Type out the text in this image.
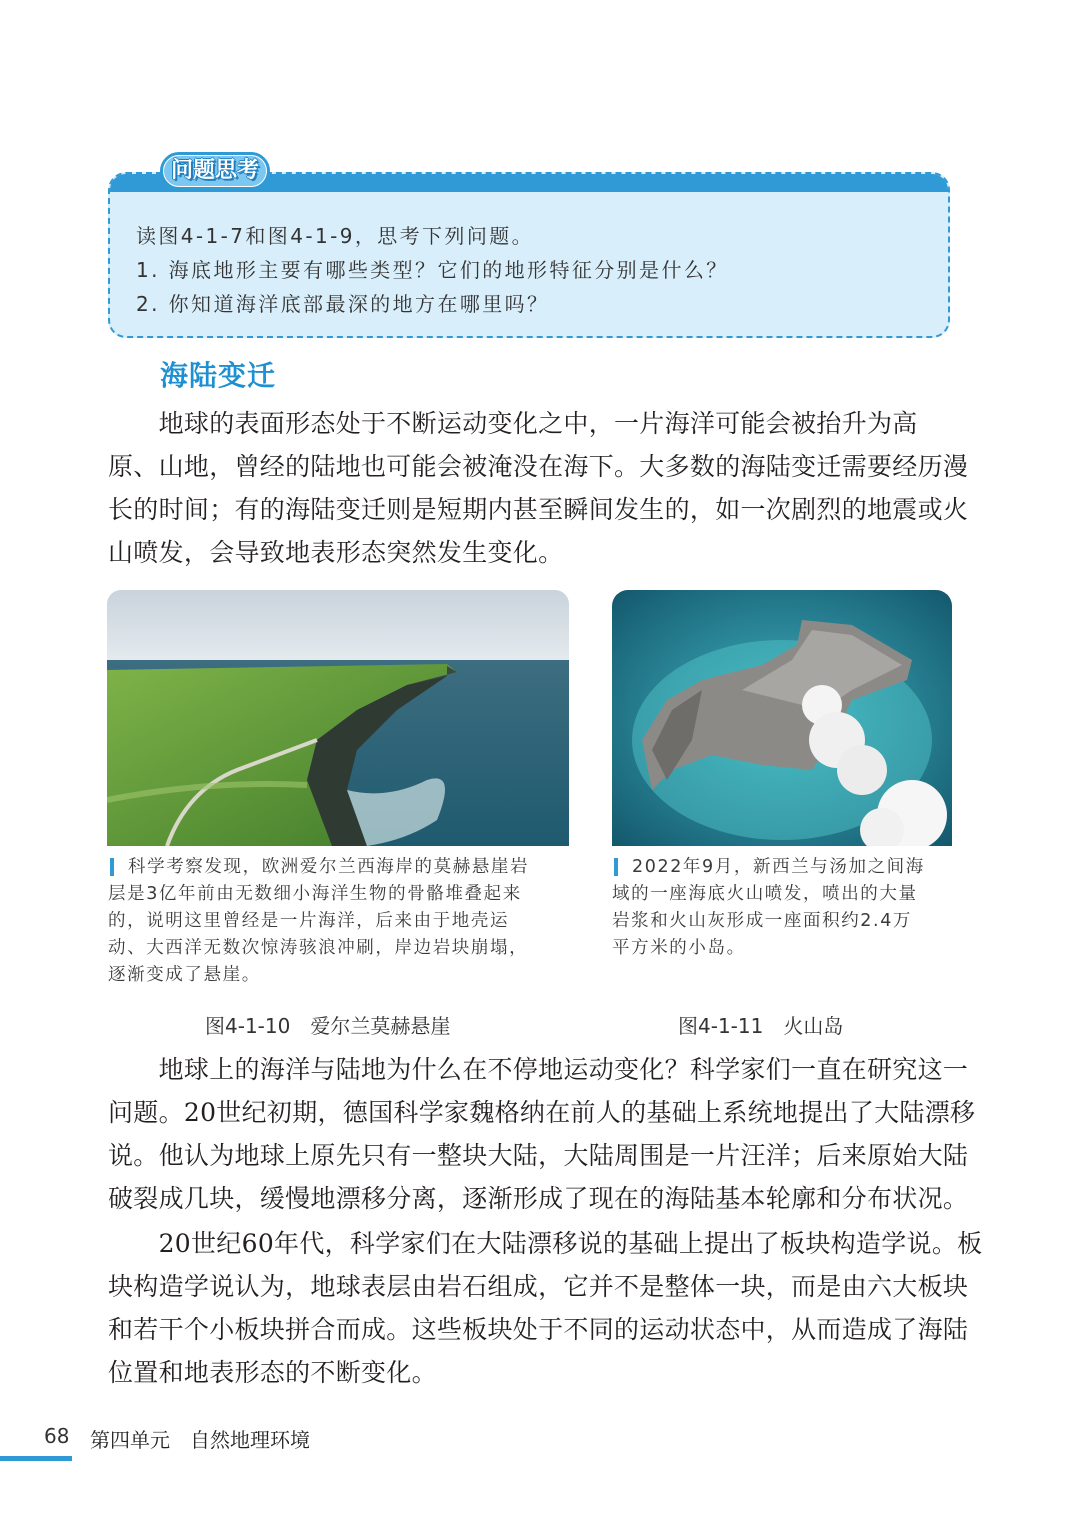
问题思考
读图4-1-7和图4-1-9，思考下列问题。
1. 海底地形主要有哪些类型？它们的地形特征分别是什么？
2. 你知道海洋底部最深的地方在哪里吗？
海陆变迁

　　地球的表面形态处于不断运动变化之中，一片海洋可能会被抬升为高
原、山地，曾经的陆地也可能会被淹没在海下。大多数的海陆变迁需要经历漫
长的时间；有的海陆变迁则是短期内甚至瞬间发生的，如一次剧烈的地震或火
山喷发，会导致地表形态突然发生变化。

科学考察发现，欧洲爱尔兰西海岸的莫赫悬崖岩
层是3亿年前由无数细小海洋生物的骨骼堆叠起来
的，说明这里曾经是一片海洋，后来由于地壳运
动、大西洋无数次惊涛骇浪冲刷，岸边岩块崩塌，
逐渐变成了悬崖。
2022年9月，新西兰与汤加之间海
域的一座海底火山喷发，喷出的大量
岩浆和火山灰形成一座面积约2.4万
平方米的小岛。
图4-1-10　爱尔兰莫赫悬崖	图4-1-11　火山岛

　　地球上的海洋与陆地为什么在不停地运动变化？科学家们一直在研究这一
问题。20世纪初期，德国科学家魏格纳在前人的基础上系统地提出了大陆漂移
说。他认为地球上原先只有一整块大陆，大陆周围是一片汪洋；后来原始大陆
破裂成几块，缓慢地漂移分离，逐渐形成了现在的海陆基本轮廓和分布状况。

　　20世纪60年代，科学家们在大陆漂移说的基础上提出了板块构造学说。板
块构造学说认为，地球表层由岩石组成，它并不是整体一块，而是由六大板块
和若干个小板块拼合而成。这些板块处于不同的运动状态中，从而造成了海陆
位置和地表形态的不断变化。

68 第四单元　自然地理环境
